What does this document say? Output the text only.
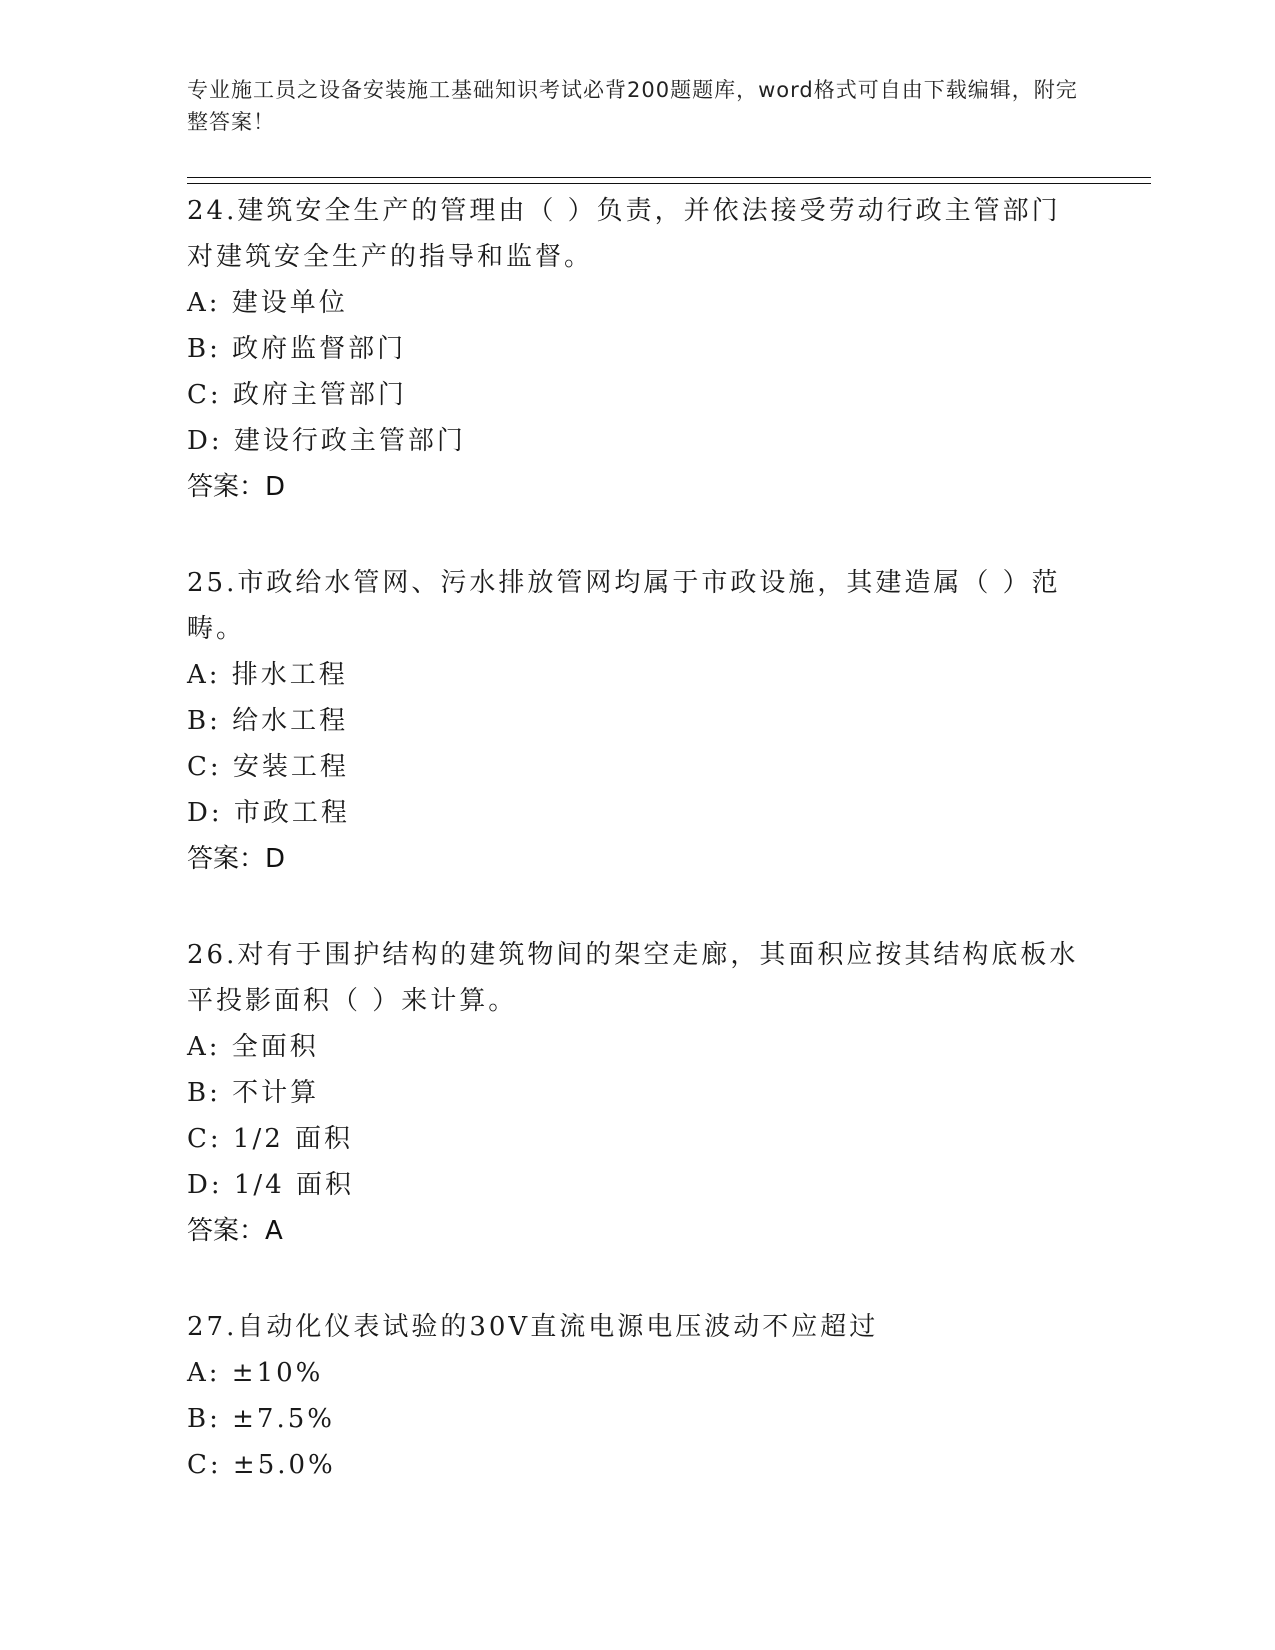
专业施工员之设备安装施工基础知识考试必背200题题库，word格式可自由下载编辑，附完整答案！

24.建筑安全生产的管理由（ ）负责，并依法接受劳动行政主管部门对建筑安全生产的指导和监督。

A: 建设单位

B: 政府监督部门

C: 政府主管部门

D: 建设行政主管部门

答案：D

25.市政给水管网、污水排放管网均属于市政设施，其建造属（ ）范畴。

A: 排水工程

B: 给水工程

C: 安装工程

D: 市政工程

答案：D

26.对有于围护结构的建筑物间的架空走廊，其面积应按其结构底板水平投影面积（ ）来计算。

A: 全面积

B: 不计算

C: 1/2 面积

D: 1/4 面积

答案：A

27.自动化仪表试验的30V直流电源电压波动不应超过

A: ±10%

B: ±7.5%

C: ±5.0%
